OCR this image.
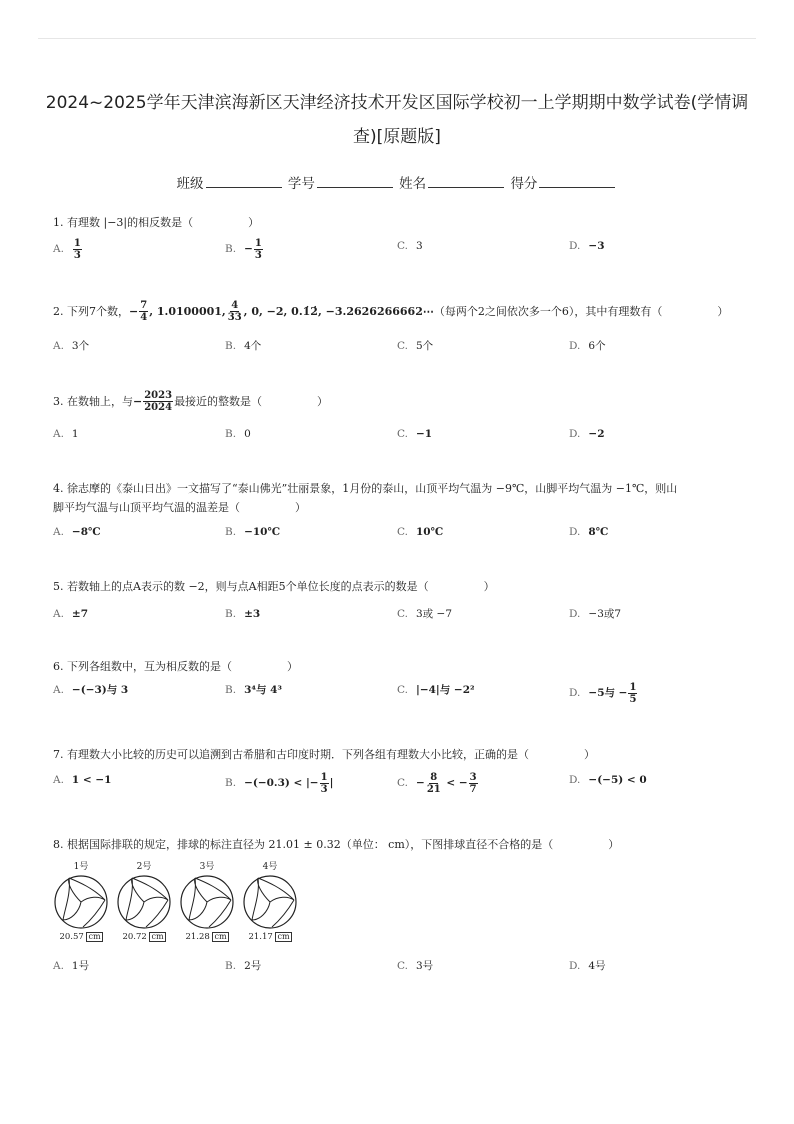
2024~2025学年天津滨海新区天津经济技术开发区国际学校初一上学期期中数学试卷(学情调
查)[原题版]
班级	学号	姓名	得分
1. 有理数 |−3|的相反数是（　　　　　）
A. $\frac{1}{3}$	B. − $\frac{1}{3}$	C. 3	D. −3
2.
下列7个数， − $\frac{7}{4}$ , 1.0100001, $\frac{4}{33}$ , 0, −2, 0.1̇2̇, −3.2626266662⋯ （每两个2之间依次多一个6），其中有理数有（　　　　　）
A. 3个	B. 4个	C. 5个	D. 6个
3.
在数轴上，与 − $\frac{2023}{2024}$ 最接近的整数是（　　　　　）
A. 1	B. 0	C. −1	D. −2
4. 徐志摩的《泰山日出》一文描写了“泰山佛光”壮丽景象，1月份的泰山，山顶平均气温为 −9℃，山脚平均气温为 −1℃，则山
脚平均气温与山顶平均气温的温差是（　　　　　）
A. −8℃	B. −10℃	C. 10℃	D. 8℃
5. 若数轴上的点A表示的数 −2，则与点A相距5个单位长度的点表示的数是（　　　　　）
A. ±7	B. ±3	C. 3或 −7	D. −3或7
6. 下列各组数中，互为相反数的是（　　　　　）
A. −(−3)与 3	B. 3⁴与 4³	C. |−4|与 −2²	D. −5与 − $\frac{1}{5}$
7. 有理数大小比较的历史可以追溯到古希腊和古印度时期．下列各组有理数大小比较，正确的是（　　　　　）
A. 1 < −1	B. −(−0.3) < |− $\frac{1}{3}$ |	C. − $\frac{8}{21}$ < − $\frac{3}{7}$	D. −(−5) < 0
8. 根据国际排联的规定，排球的标注直径为 21.01 ± 0.32（单位： cm），下图排球直径不合格的是（　　　　　）
1号
20.57 cm
2号
20.72 cm
3号
21.28 cm
4号
21.17 cm
A. 1号	B. 2号	C. 3号	D. 4号
